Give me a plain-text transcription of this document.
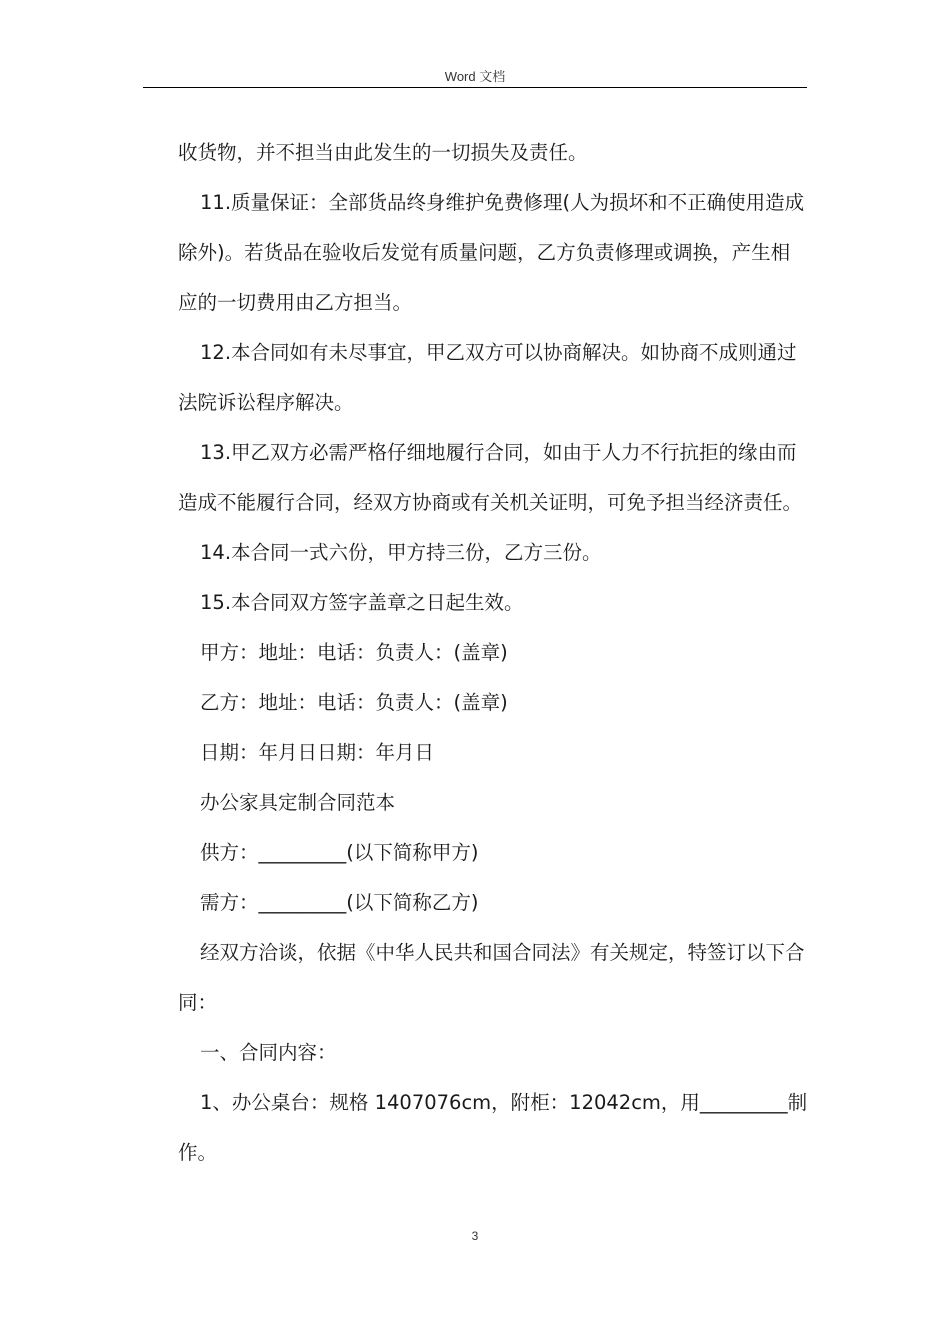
Word 文档

收货物，并不担当由此发生的一切损失及责任。

11.质量保证：全部货品终身维护免费修理(人为损坏和不正确使用造成除外)。若货品在验收后发觉有质量问题，乙方负责修理或调换，产生相应的一切费用由乙方担当。

12.本合同如有未尽事宜，甲乙双方可以协商解决。如协商不成则通过法院诉讼程序解决。

13.甲乙双方必需严格仔细地履行合同，如由于人力不行抗拒的缘由而造成不能履行合同，经双方协商或有关机关证明，可免予担当经济责任。

14.本合同一式六份，甲方持三份，乙方三份。

15.本合同双方签字盖章之日起生效。

甲方：地址：电话：负责人：(盖章)

乙方：地址：电话：负责人：(盖章)

日期：年月日日期：年月日

办公家具定制合同范本

供方：_________(以下简称甲方)

需方：_________(以下简称乙方)

经双方洽谈，依据《中华人民共和国合同法》有关规定，特签订以下合同：

一、合同内容：

1、办公桌台：规格 1407076cm，附柜：12042cm，用_________制作。

3
